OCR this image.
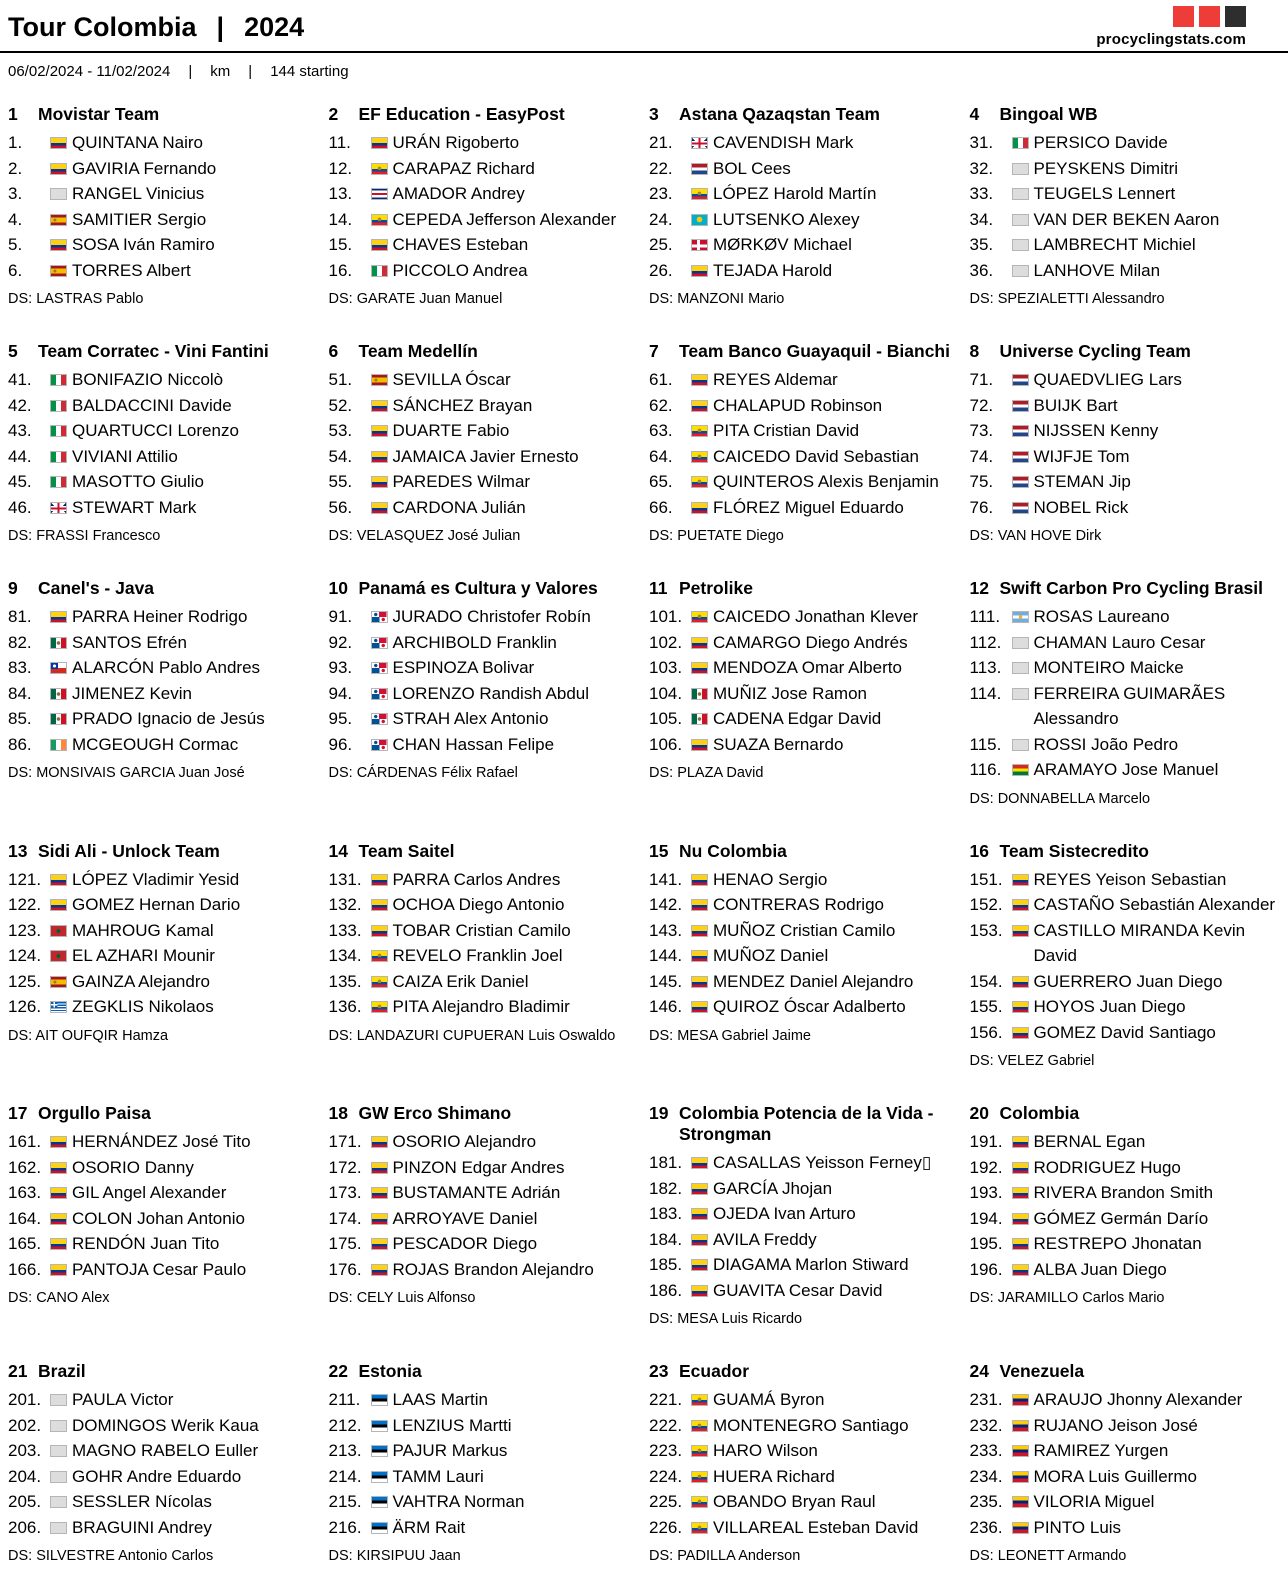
Tour Colombia | 2024	procyclingstats.com
06/02/2024 - 11/02/2024 | km | 144 starting
1	Movistar Team
1.	QUINTANA Nairo
2.	GAVIRIA Fernando
3.	RANGEL Vinicius
4.	SAMITIER Sergio
5.	SOSA Iván Ramiro
6.	TORRES Albert
DS: LASTRAS Pablo
2	EF Education - EasyPost
11.	URÁN Rigoberto
12.	CARAPAZ Richard
13.	AMADOR Andrey
14.	CEPEDA Jefferson Alexander
15.	CHAVES Esteban
16.	PICCOLO Andrea
DS: GARATE Juan Manuel
3	Astana Qazaqstan Team
21.	CAVENDISH Mark
22.	BOL Cees
23.	LÓPEZ Harold Martín
24.	LUTSENKO Alexey
25.	MØRKØV Michael
26.	TEJADA Harold
DS: MANZONI Mario
4	Bingoal WB
31.	PERSICO Davide
32.	PEYSKENS Dimitri
33.	TEUGELS Lennert
34.	VAN DER BEKEN Aaron
35.	LAMBRECHT Michiel
36.	LANHOVE Milan
DS: SPEZIALETTI Alessandro
5	Team Corratec - Vini Fantini
41.	BONIFAZIO Niccolò
42.	BALDACCINI Davide
43.	QUARTUCCI Lorenzo
44.	VIVIANI Attilio
45.	MASOTTO Giulio
46.	STEWART Mark
DS: FRASSI Francesco
6	Team Medellín
51.	SEVILLA Óscar
52.	SÁNCHEZ Brayan
53.	DUARTE Fabio
54.	JAMAICA Javier Ernesto
55.	PAREDES Wilmar
56.	CARDONA Julián
DS: VELASQUEZ José Julian
7	Team Banco Guayaquil - Bianchi
61.	REYES Aldemar
62.	CHALAPUD Robinson
63.	PITA Cristian David
64.	CAICEDO David Sebastian
65.	QUINTEROS Alexis Benjamin
66.	FLÓREZ Miguel Eduardo
DS: PUETATE Diego
8	Universe Cycling Team
71.	QUAEDVLIEG Lars
72.	BUIJK Bart
73.	NIJSSEN Kenny
74.	WIJFJE Tom
75.	STEMAN Jip
76.	NOBEL Rick
DS: VAN HOVE Dirk
9	Canel's - Java
81.	PARRA Heiner Rodrigo
82.	SANTOS Efrén
83.	ALARCÓN Pablo Andres
84.	JIMENEZ Kevin
85.	PRADO Ignacio de Jesús
86.	MCGEOUGH Cormac
DS: MONSIVAIS GARCIA Juan José
10 Panamá es Cultura y Valores
91.	JURADO Christofer Robín
92.	ARCHIBOLD Franklin
93.	ESPINOZA Bolivar
94.	LORENZO Randish Abdul
95.	STRAH Alex Antonio
96.	CHAN Hassan Felipe
DS: CÁRDENAS Félix Rafael
11 Petrolike
101.	CAICEDO Jonathan Klever
102.	CAMARGO Diego Andrés
103.	MENDOZA Omar Alberto
104.	MUÑIZ Jose Ramon
105.	CADENA Edgar David
106.	SUAZA Bernardo
DS: PLAZA David
12 Swift Carbon Pro Cycling Brasil
111.	ROSAS Laureano
112.	CHAMAN Lauro Cesar
113.	MONTEIRO Maicke
114.	FERREIRA GUIMARÃES Alessandro
115.	ROSSI João Pedro
116.	ARAMAYO Jose Manuel
DS: DONNABELLA Marcelo
13 Sidi Ali - Unlock Team
121.	LÓPEZ Vladimir Yesid
122.	GOMEZ Hernan Dario
123.	MAHROUG Kamal
124.	EL AZHARI Mounir
125.	GAINZA Alejandro
126.	ZEGKLIS Nikolaos
DS: AIT OUFQIR Hamza
14 Team Saitel
131.	PARRA Carlos Andres
132.	OCHOA Diego Antonio
133.	TOBAR Cristian Camilo
134.	REVELO Franklin Joel
135.	CAIZA Erik Daniel
136.	PITA Alejandro Bladimir
DS: LANDAZURI CUPUERAN Luis Oswaldo
15 Nu Colombia
141.	HENAO Sergio
142.	CONTRERAS Rodrigo
143.	MUÑOZ Cristian Camilo
144.	MUÑOZ Daniel
145.	MENDEZ Daniel Alejandro
146.	QUIROZ Óscar Adalberto
DS: MESA Gabriel Jaime
16 Team Sistecredito
151.	REYES Yeison Sebastian
152.	CASTAÑO Sebastián Alexander
153.	CASTILLO MIRANDA Kevin David
154.	GUERRERO Juan Diego
155.	HOYOS Juan Diego
156.	GOMEZ David Santiago
DS: VELEZ Gabriel
17 Orgullo Paisa
161.	HERNÁNDEZ José Tito
162.	OSORIO Danny
163.	GIL Angel Alexander
164.	COLON Johan Antonio
165.	RENDÓN Juan Tito
166.	PANTOJA Cesar Paulo
DS: CANO Alex
18 GW Erco Shimano
171.	OSORIO Alejandro
172.	PINZON Edgar Andres
173.	BUSTAMANTE Adrián
174.	ARROYAVE Daniel
175.	PESCADOR Diego
176.	ROJAS Brandon Alejandro
DS: CELY Luis Alfonso
19 Colombia Potencia de la Vida - Strongman
181.	CASALLAS Yeisson Ferney▯
182.	GARCÍA Jhojan
183.	OJEDA Ivan Arturo
184.	AVILA Freddy
185.	DIAGAMA Marlon Stiward
186.	GUAVITA Cesar David
DS: MESA Luis Ricardo
20 Colombia
191.	BERNAL Egan
192.	RODRIGUEZ Hugo
193.	RIVERA Brandon Smith
194.	GÓMEZ Germán Darío
195.	RESTREPO Jhonatan
196.	ALBA Juan Diego
DS: JARAMILLO Carlos Mario
21 Brazil
201.	PAULA Victor
202.	DOMINGOS Werik Kaua
203.	MAGNO RABELO Euller
204.	GOHR Andre Eduardo
205.	SESSLER Nícolas
206.	BRAGUINI Andrey
DS: SILVESTRE Antonio Carlos
22 Estonia
211.	LAAS Martin
212.	LENZIUS Martti
213.	PAJUR Markus
214.	TAMM Lauri
215.	VAHTRA Norman
216.	ÄRM Rait
DS: KIRSIPUU Jaan
23 Ecuador
221.	GUAMÁ Byron
222.	MONTENEGRO Santiago
223.	HARO Wilson
224.	HUERA Richard
225.	OBANDO Bryan Raul
226.	VILLAREAL Esteban David
DS: PADILLA Anderson
24 Venezuela
231.	ARAUJO Jhonny Alexander
232.	RUJANO Jeison José
233.	RAMIREZ Yurgen
234.	MORA Luis Guillermo
235.	VILORIA Miguel
236.	PINTO Luis
DS: LEONETT Armando
